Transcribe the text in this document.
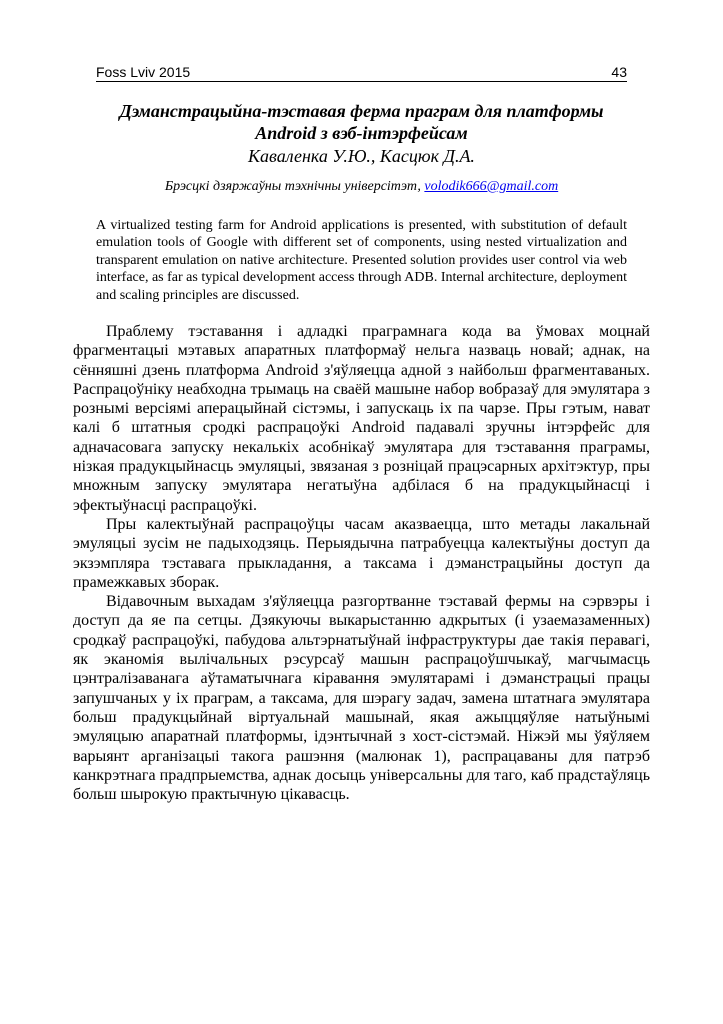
Foss Lviv 2015	43
Дэманстрацыйна-тэставая ферма праграм для платформы
Android з вэб-інтэрфейсам
Каваленка У.Ю., Касцюк Д.А.
Брэсцкі дзяржаўны тэхнічны універсітэт, volodik666@gmail.com

A virtualized testing farm for Android applications is presented, with substitution of default emulation tools of Google with different set of components, using nested virtualization and transparent emulation on native architecture. Presented solution provides user control via web interface, as far as typical development access through ADB. Internal architecture, deployment and scaling principles are discussed.

Праблему тэставання і адладкі праграмнага кода ва ўмовах моцнай фрагментацыі мэтавых апаратных платформаў нельга назваць новай; аднак, на сённяшні дзень платформа Android з'яўляецца адной з найбольш фрагментаваных. Распрацоўніку неабходна трымаць на сваёй машыне набор вобразаў для эмулятара з рознымі версіямі аперацыйнай сістэмы, і запускаць іх па чарзе. Пры гэтым, нават калі б штатныя сродкі распрацоўкі Android падавалі зручны інтэрфейс для адначасовага запуску некалькіх асобнікаў эмулятара для тэставання праграмы, нізкая прадукцыйнасць эмуляцыі, звязаная з розніцай працэсарных архітэктур, пры множным запуску эмулятара негатыўна адбілася б на прадукцыйнасці і эфектыўнасці распрацоўкі.

Пры калектыўнай распрацоўцы часам аказваецца, што метады лакальнай эмуляцыі зусім не падыходзяць. Перыядычна патрабуецца калектыўны доступ да экзэмпляра тэставага прыкладання, а таксама і дэманстрацыйны доступ да прамежкавых зборак.

Відавочным выхадам з'яўляецца разгортванне тэставай фермы на сэрвэры і доступ да яе па сетцы. Дзякуючы выкарыстанню адкрытых (і узаемазаменных) сродкаў распрацоўкі, пабудова альтэрнатыўнай інфраструктуры дае такія перавагі, як эканомія вылічальных рэсурсаў машын распрацоўшчыкаў, магчымасць цэнтралізаванага аўтаматычнага кіравання эмулятарамі і дэманстрацыі працы запушчаных у іх праграм, а таксама, для шэрагу задач, замена штатнага эмулятара больш прадукцыйнай віртуальнай машынай, якая ажыццяўляе натыўнымі эмуляцыю апаратнай платформы, ідэнтычнай з хост-сістэмай. Ніжэй мы ўяўляем варыянт арганізацыі такога рашэння (малюнак 1), распрацаваны для патрэб канкрэтнага прадпрыемства, аднак досыць універсальны для таго, каб прадстаўляць больш шырокую практычную цікавасць.
